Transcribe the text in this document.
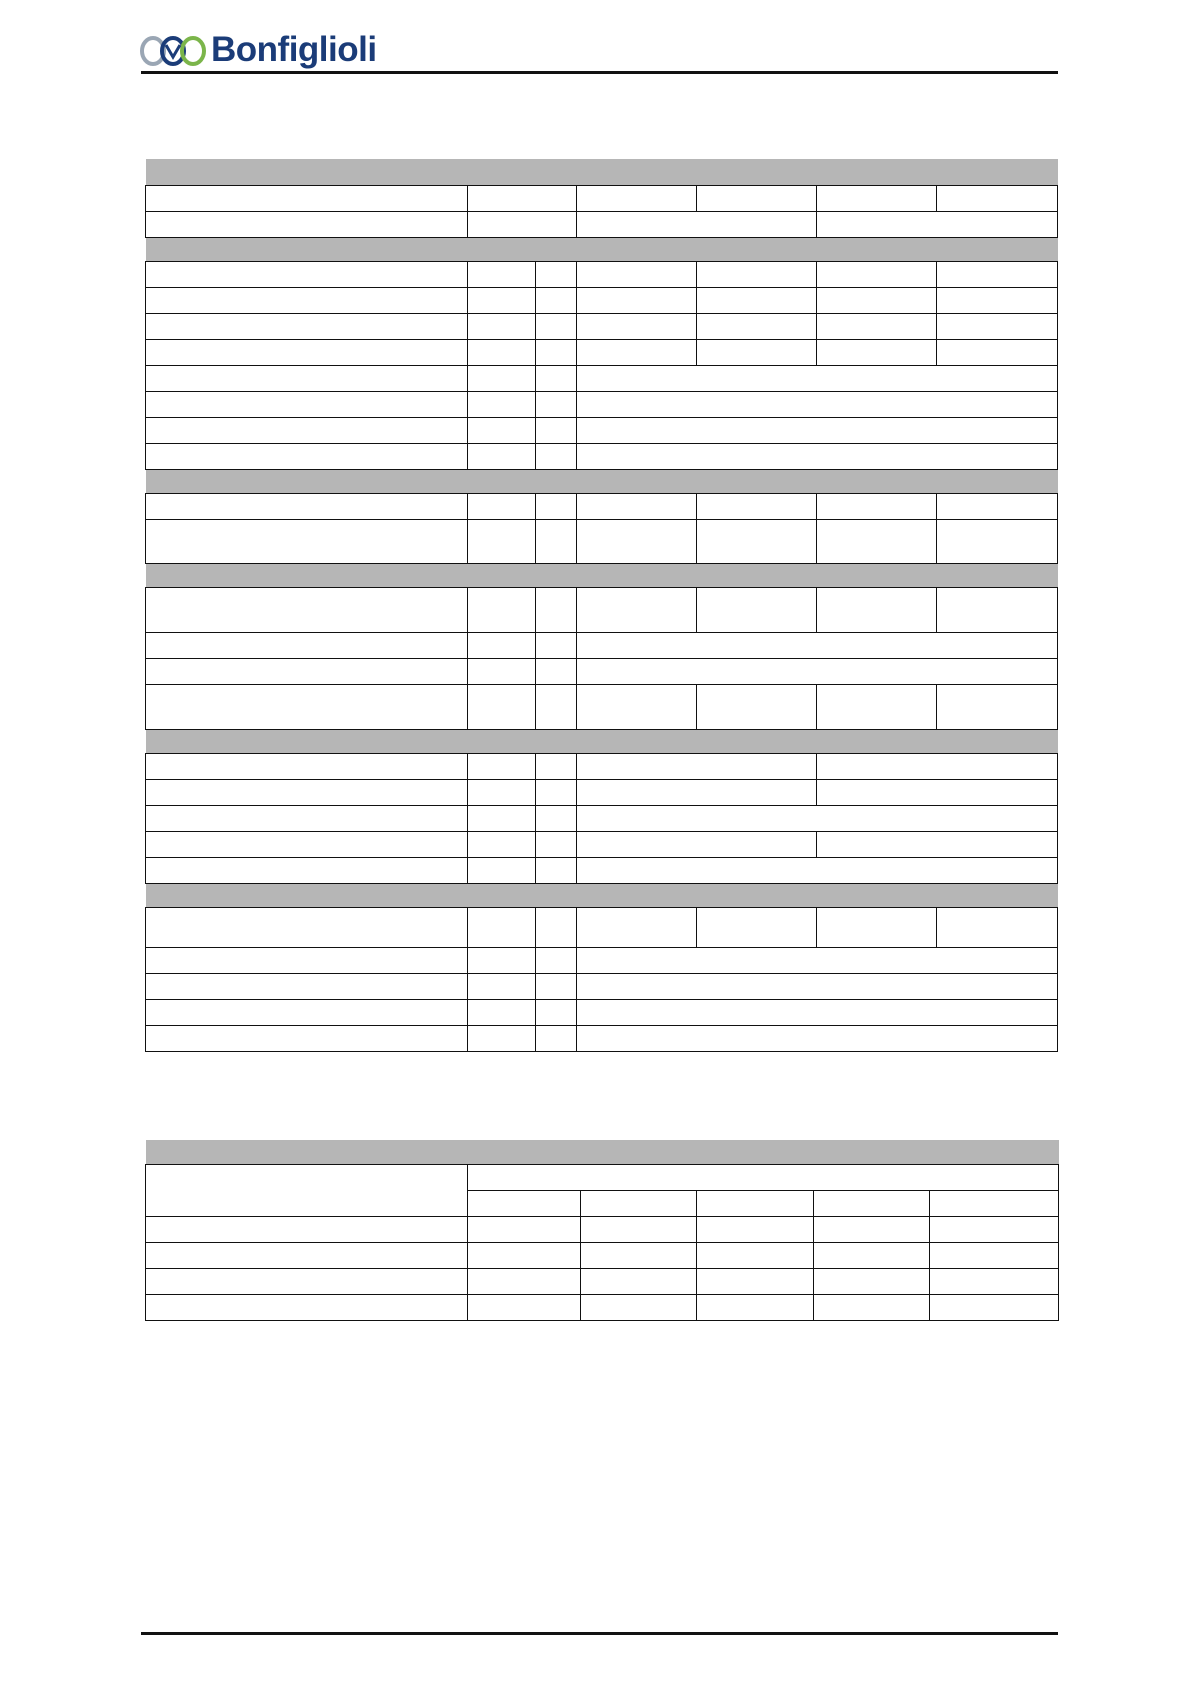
Bonfiglioli
